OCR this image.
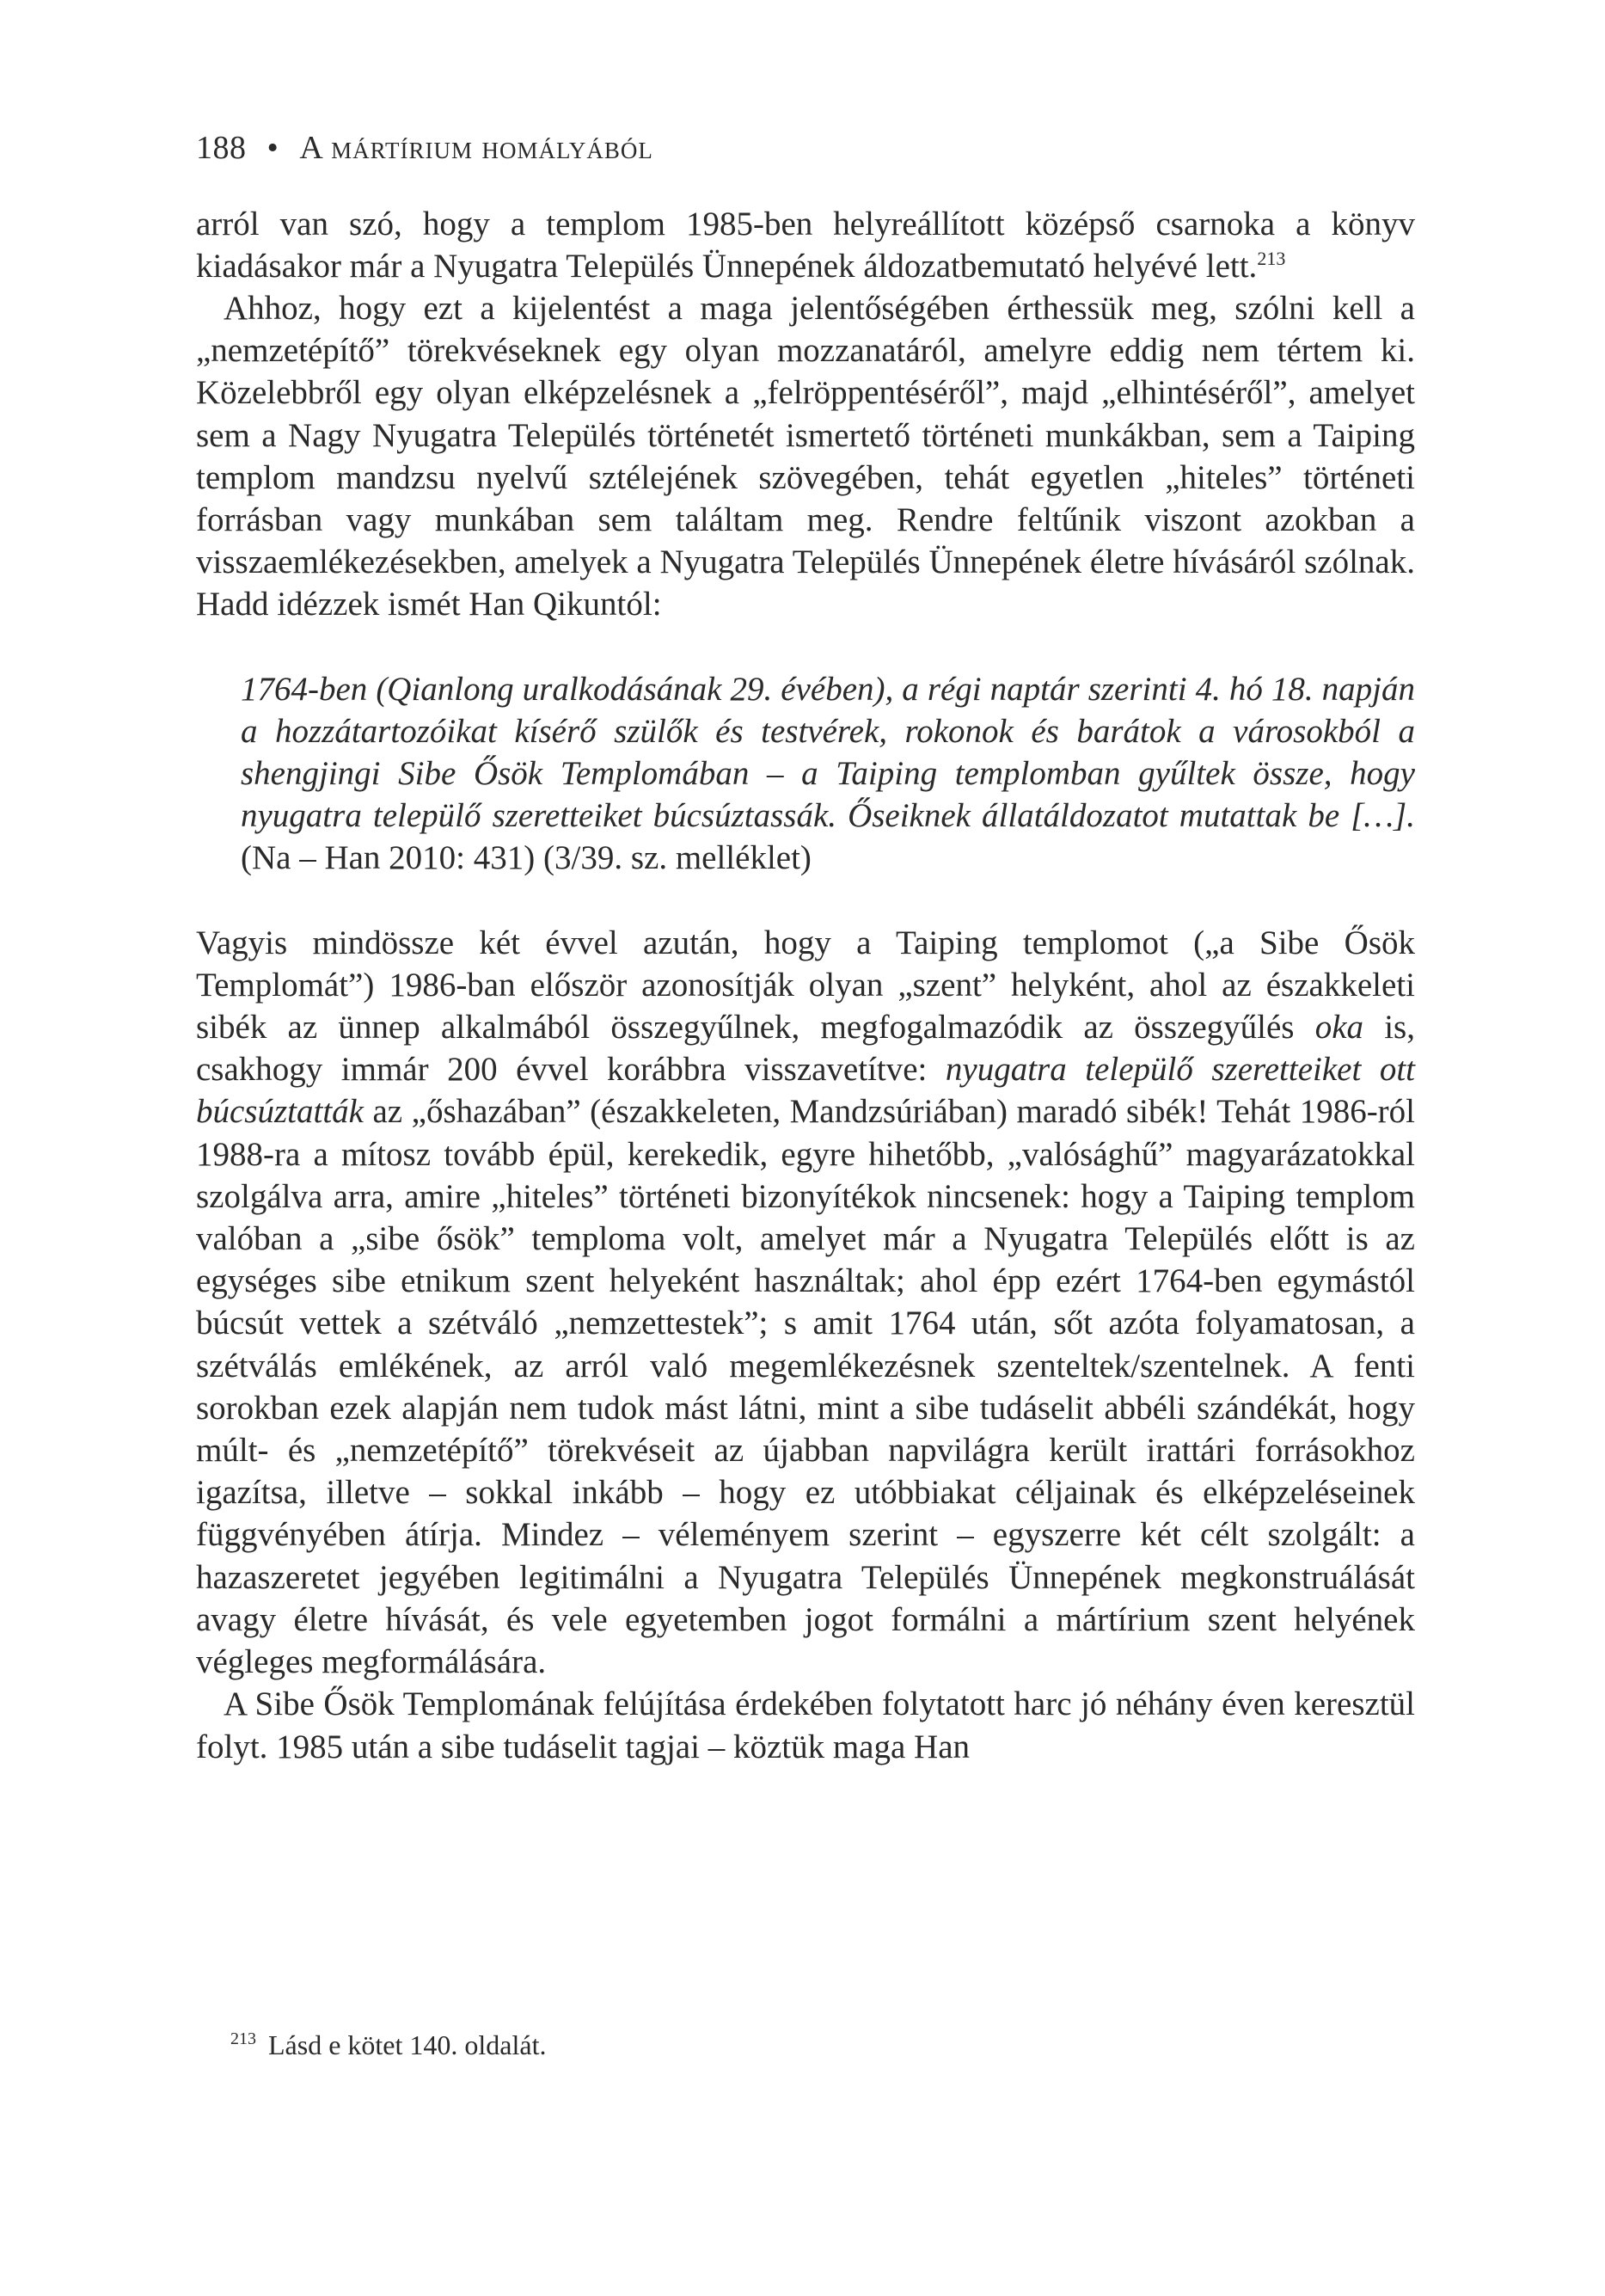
188 • A mártírium homályából

arról van szó, hogy a templom 1985-ben helyreállított középső csarnoka a könyv kiadásakor már a Nyugatra Település Ünnepének áldozatbemutató helyévé lett.$^{213}$

Ahhoz, hogy ezt a kijelentést a maga jelentőségében érthessük meg, szólni kell a „nemzetépítő” törekvéseknek egy olyan mozzanatáról, amelyre eddig nem tértem ki. Közelebbről egy olyan elképzelésnek a „felröppentéséről”, majd „elhintéséről”, amelyet sem a Nagy Nyugatra Település történetét ismertető történeti munkákban, sem a Taiping templom mandzsu nyelvű sztélejének szövegében, tehát egyetlen „hiteles” történeti forrásban vagy munkában sem találtam meg. Rendre feltűnik viszont azokban a visszaemlékezésekben, amelyek a Nyugatra Település Ünnepének életre hívásáról szólnak. Hadd idézzek ismét Han Qikuntól:

1764-ben (Qianlong uralkodásának 29. évében), a régi naptár szerinti 4. hó 18. napján a hozzátartozóikat kísérő szülők és testvérek, rokonok és barátok a városokból a shengjingi Sibe Ősök Templomában – a Taiping templomban gyűltek össze, hogy nyugatra települő szeretteiket búcsúztassák. Őseiknek állatáldozatot mutattak be […]. (Na – Han 2010: 431) (3/39. sz. melléklet)

Vagyis mindössze két évvel azután, hogy a Taiping templomot („a Sibe Ősök Templomát”) 1986-ban először azonosítják olyan „szent” helyként, ahol az északkeleti sibék az ünnep alkalmából összegyűlnek, megfogalmazódik az összegyűlés oka is, csakhogy immár 200 évvel korábbra visszavetítve: nyugatra települő szeretteiket ott búcsúztatták az „őshazában” (északkeleten, Mandzsúriában) maradó sibék! Tehát 1986-ról 1988-ra a mítosz tovább épül, kerekedik, egyre hihetőbb, „valósághű” magyarázatokkal szolgálva arra, amire „hiteles” történeti bizonyítékok nincsenek: hogy a Taiping templom valóban a „sibe ősök” temploma volt, amelyet már a Nyugatra Település előtt is az egységes sibe etnikum szent helyeként használtak; ahol épp ezért 1764-ben egymástól búcsút vettek a szétváló „nemzettestek”; s amit 1764 után, sőt azóta folyamatosan, a szétválás emlékének, az arról való megemlékezésnek szenteltek/szentelnek. A fenti sorokban ezek alapján nem tudok mást látni, mint a sibe tudáselit abbéli szándékát, hogy múlt- és „nemzetépítő” törekvéseit az újabban napvilágra került irattári forrásokhoz igazítsa, illetve – sokkal inkább – hogy ez utóbbiakat céljainak és elképzeléseinek függvényében átírja. Mindez – véleményem szerint – egyszerre két célt szolgált: a hazaszeretet jegyében legitimálni a Nyugatra Település Ünnepének megkonstruálását avagy életre hívását, és vele egyetemben jogot formálni a mártírium szent helyének végleges megformálására.

A Sibe Ősök Templomának felújítása érdekében folytatott harc jó néhány éven keresztül folyt. 1985 után a sibe tudáselit tagjai – köztük maga Han

$^{213}$ Lásd e kötet 140. oldalát.
